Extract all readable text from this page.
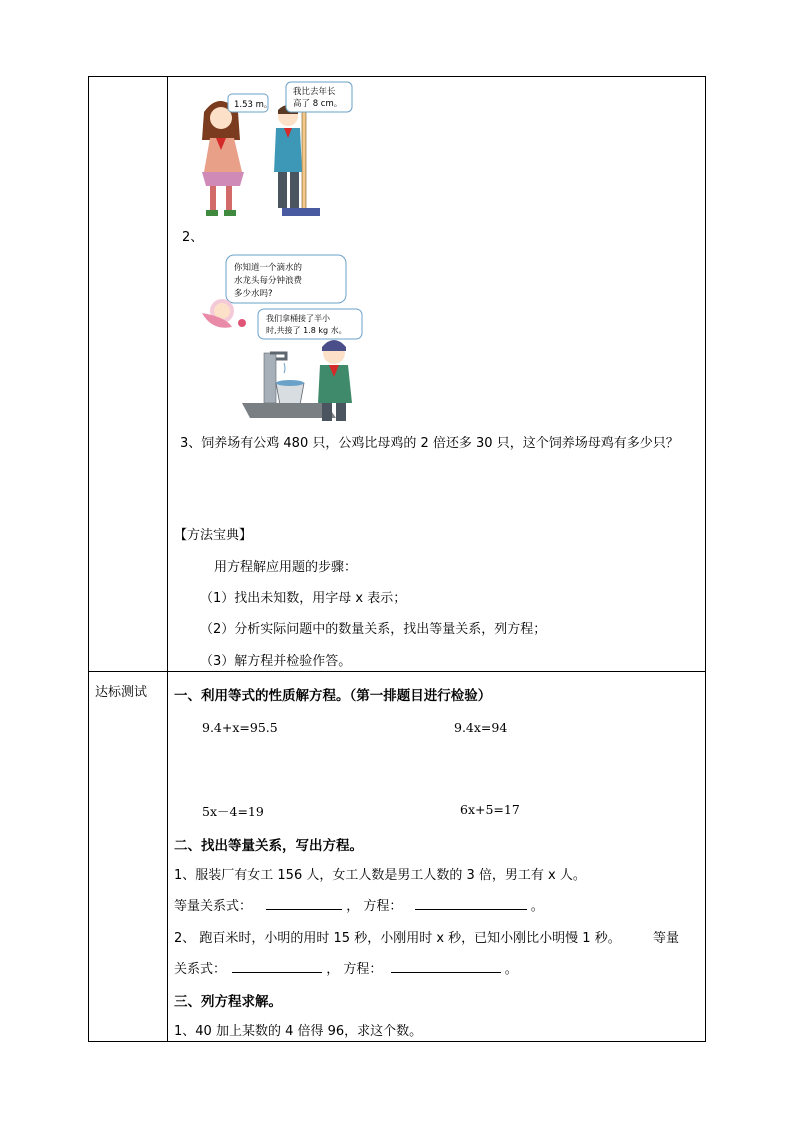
达标测试
1.53 m。
我比去年长
高了 8 cm。
2、
你知道一个滴水的
水龙头每分钟浪费
多少水吗?
我们拿桶接了半小
时,共接了 1.8 kg 水。
3、饲养场有公鸡 480 只，公鸡比母鸡的 2 倍还多 30 只，这个饲养场母鸡有多少只？
【方法宝典】
用方程解应用题的步骤：
（1）找出未知数，用字母 x 表示；
（2）分析实际问题中的数量关系，找出等量关系，列方程；
（3）解方程并检验作答。
一、利用等式的性质解方程。（第一排题目进行检验）
9.4+x=95.5	9.4x=94
5x－4=19	6x+5=17
二、找出等量关系，写出方程。
1、服装厂有女工 156 人，女工人数是男工人数的 3 倍，男工有 x 人。
等量关系式：	， 方程：	。
2、 跑百米时，小明的用时 15 秒，小刚用时 x 秒，已知小刚比小明慢 1 秒。 等量
关系式：	， 方程：	。
三、列方程求解。
1、40 加上某数的 4 倍得 96，求这个数。
